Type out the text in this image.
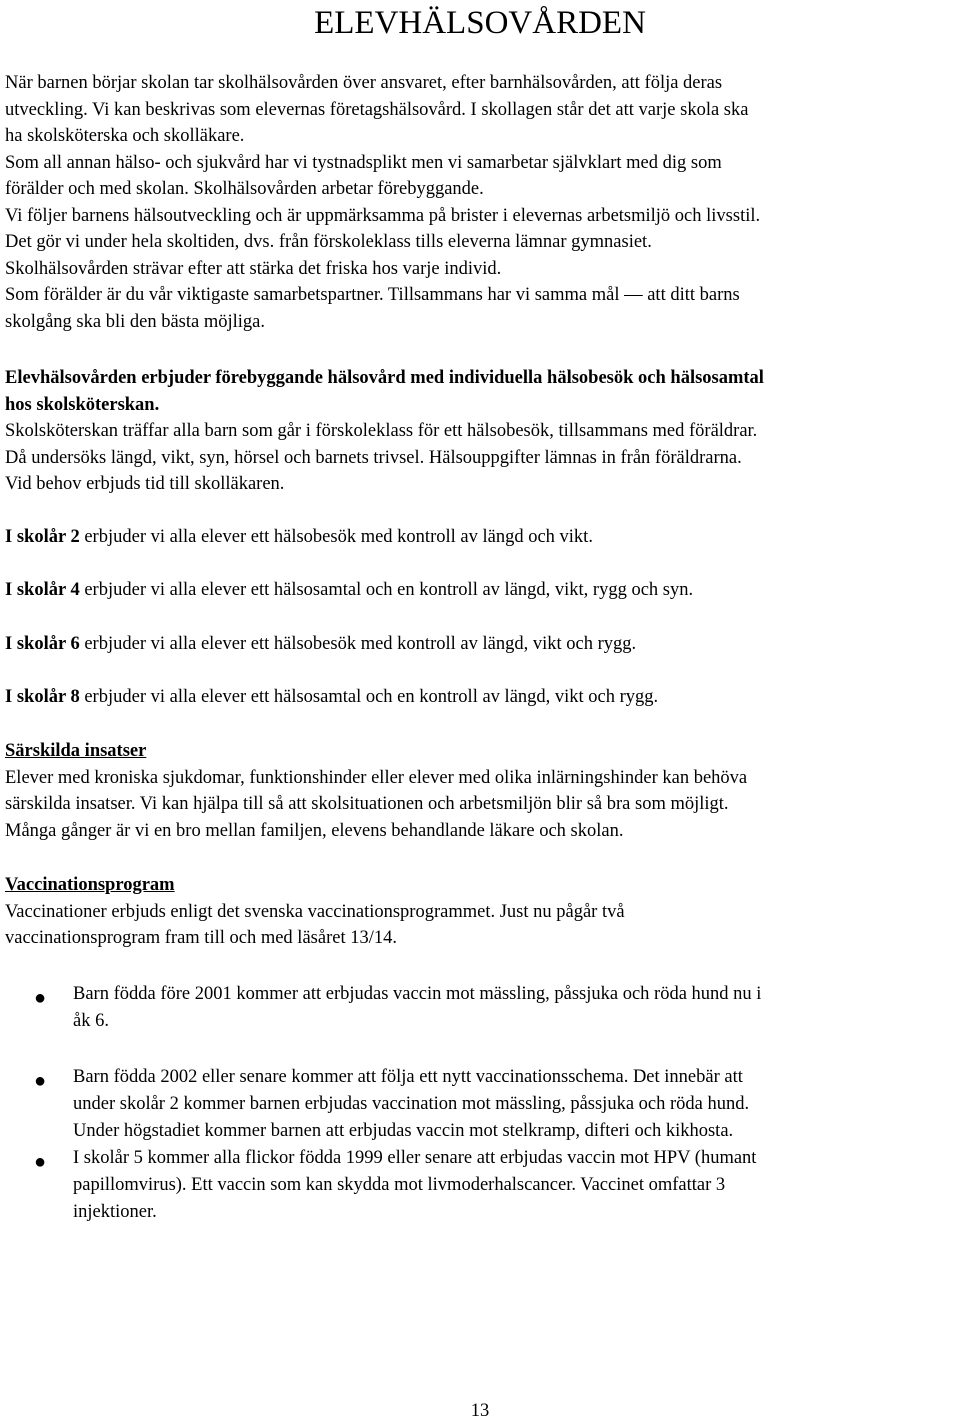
ELEVHÄLSOVÅRDEN

När barnen börjar skolan tar skolhälsovården över ansvaret, efter barnhälsovården, att följa deras

utveckling. Vi kan beskrivas som elevernas företagshälsovård. I skollagen står det att varje skola ska

ha skolsköterska och skolläkare.

Som all annan hälso- och sjukvård har vi tystnadsplikt men vi samarbetar självklart med dig som

förälder och med skolan. Skolhälsovården arbetar förebyggande.

Vi följer barnens hälsoutveckling och är uppmärksamma på brister i elevernas arbetsmiljö och livsstil.

Det gör vi under hela skoltiden, dvs. från förskoleklass tills eleverna lämnar gymnasiet.

Skolhälsovården strävar efter att stärka det friska hos varje individ.

Som förälder är du vår viktigaste samarbetspartner. Tillsammans har vi samma mål — att ditt barns

skolgång ska bli den bästa möjliga.

Elevhälsovården erbjuder förebyggande hälsovård med individuella hälsobesök och hälsosamtal

hos skolsköterskan.

Skolsköterskan träffar alla barn som går i förskoleklass för ett hälsobesök, tillsammans med föräldrar.

Då undersöks längd, vikt, syn, hörsel och barnets trivsel. Hälsouppgifter lämnas in från föräldrarna.

Vid behov erbjuds tid till skolläkaren.

I skolår 2 erbjuder vi alla elever ett hälsobesök med kontroll av längd och vikt.

I skolår 4 erbjuder vi alla elever ett hälsosamtal och en kontroll av längd, vikt, rygg och syn.

I skolår 6 erbjuder vi alla elever ett hälsobesök med kontroll av längd, vikt och rygg.

I skolår 8 erbjuder vi alla elever ett hälsosamtal och en kontroll av längd, vikt och rygg.

Särskilda insatser

Elever med kroniska sjukdomar, funktionshinder eller elever med olika inlärningshinder kan behöva

särskilda insatser. Vi kan hjälpa till så att skolsituationen och arbetsmiljön blir så bra som möjligt.

Många gånger är vi en bro mellan familjen, elevens behandlande läkare och skolan.

Vaccinationsprogram

Vaccinationer erbjuds enligt det svenska vaccinationsprogrammet. Just nu pågår två

vaccinationsprogram fram till och med läsåret 13/14.

● Barn födda före 2001 kommer att erbjudas vaccin mot mässling, påssjuka och röda hund nu i
åk 6.
● Barn födda 2002 eller senare kommer att följa ett nytt vaccinationsschema. Det innebär att
under skolår 2 kommer barnen erbjudas vaccination mot mässling, påssjuka och röda hund.
Under högstadiet kommer barnen att erbjudas vaccin mot stelkramp, difteri och kikhosta.
● I skolår 5 kommer alla flickor födda 1999 eller senare att erbjudas vaccin mot HPV (humant
papillomvirus). Ett vaccin som kan skydda mot livmoderhalscancer. Vaccinet omfattar 3
injektioner.
13
